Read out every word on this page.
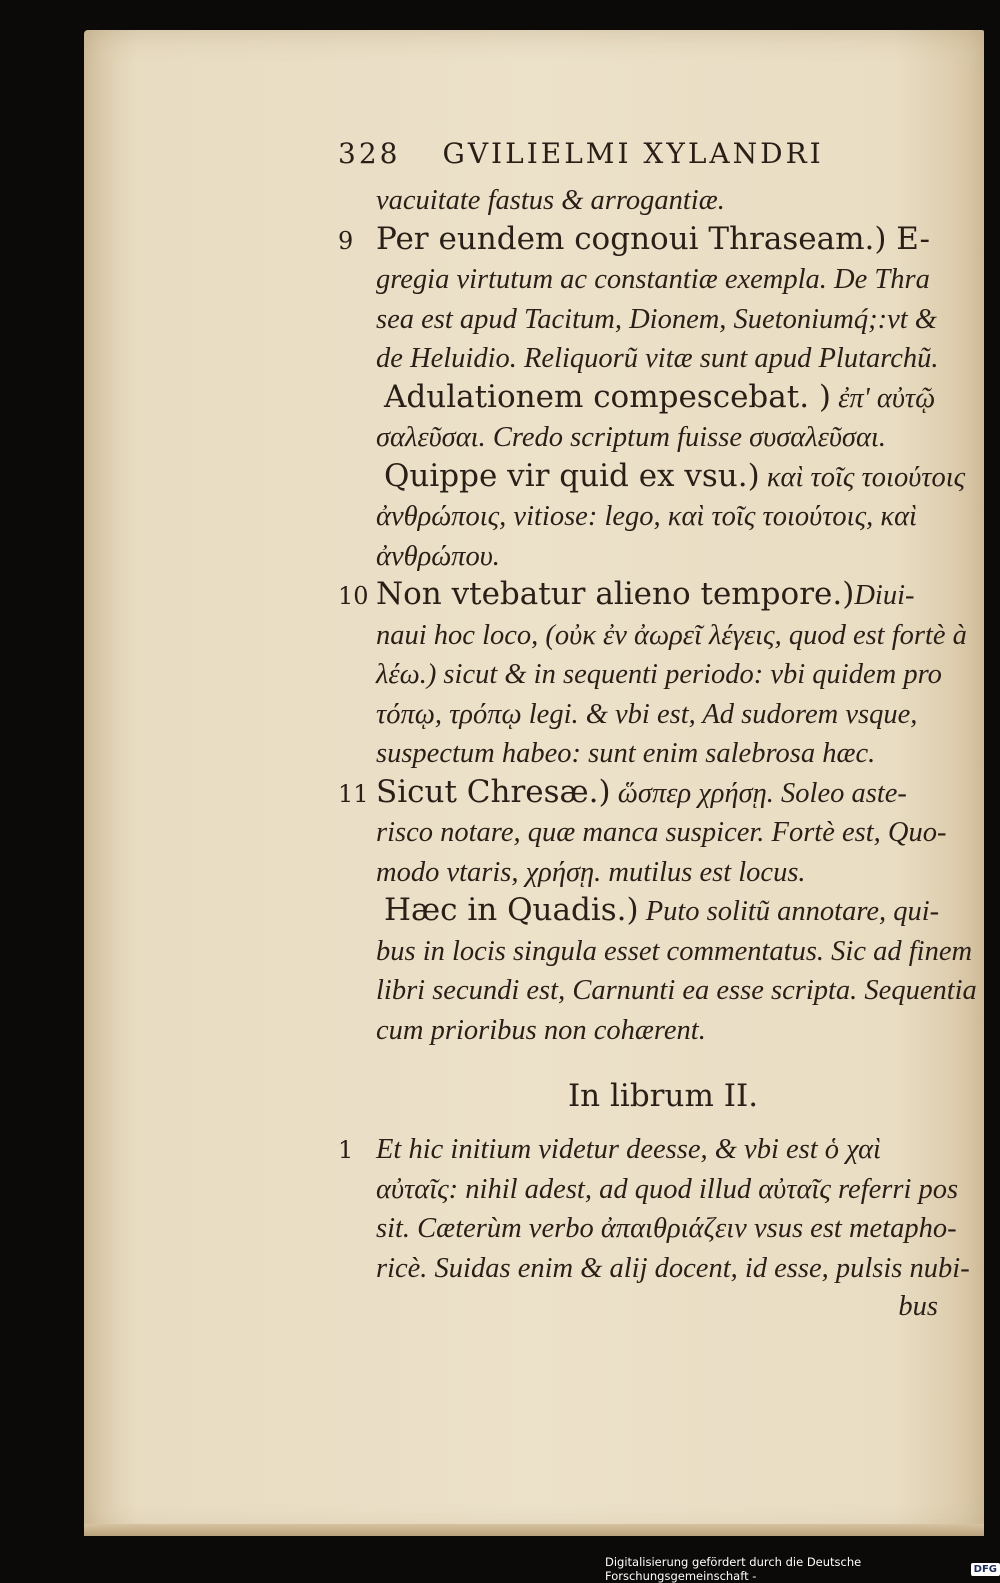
328 GVILIELMI XYLANDRI
vacuitate fastus & arrogantiæ.
9 Per eundem cognoui Thraseam.) E-
gregia virtutum ac constantiæ exempla. De Thra
sea est apud Tacitum, Dionem, Suetoniumq́;:vt &
de Heluidio. Reliquorũ vitæ sunt apud Plutarchũ.
Adulationem compescebat. ) ἐπ' αὐτῷ
σαλεῦσαι. Credo scriptum fuisse συσαλεῦσαι.
Quippe vir quid ex vsu.) καὶ τοῖς τοιούτοις
ἀνθρώποις, vitiose: lego, καὶ τοῖς τοιούτοις, καὶ
ἀνθρώπου.
10 Non vtebatur alieno tempore.)Diui-
naui hoc loco, (οὐκ ἐν ἀωρεῖ λέγεις, quod est fortè à
λέω.) sicut & in sequenti periodo: vbi quidem pro
τόπῳ, τρόπῳ legi. & vbi est, Ad sudorem vsque,
suspectum habeo: sunt enim salebrosa hæc.
11 Sicut Chresæ.) ὥσπερ χρήσῃ. Soleo aste-
risco notare, quæ manca suspicer. Fortè est, Quo-
modo vtaris, χρήσῃ. mutilus est locus.
Hæc in Quadis.) Puto solitũ annotare, qui-
bus in locis singula esset commentatus. Sic ad finem
libri secundi est, Carnunti ea esse scripta. Sequentia
cum prioribus non cohærent.
In librum II.
1 Et hic initium videtur deesse, & vbi est ὁ χαὶ
αὐταῖς: nihil adest, ad quod illud αὐταῖς referri pos
sit. Cæterùm verbo ἀπαιθριάζειν vsus est metapho-
ricè. Suidas enim & alij docent, id esse, pulsis nubi-
bus
Digitalisierung gefördert durch die Deutsche Forschungsgemeinschaft -	DFG
